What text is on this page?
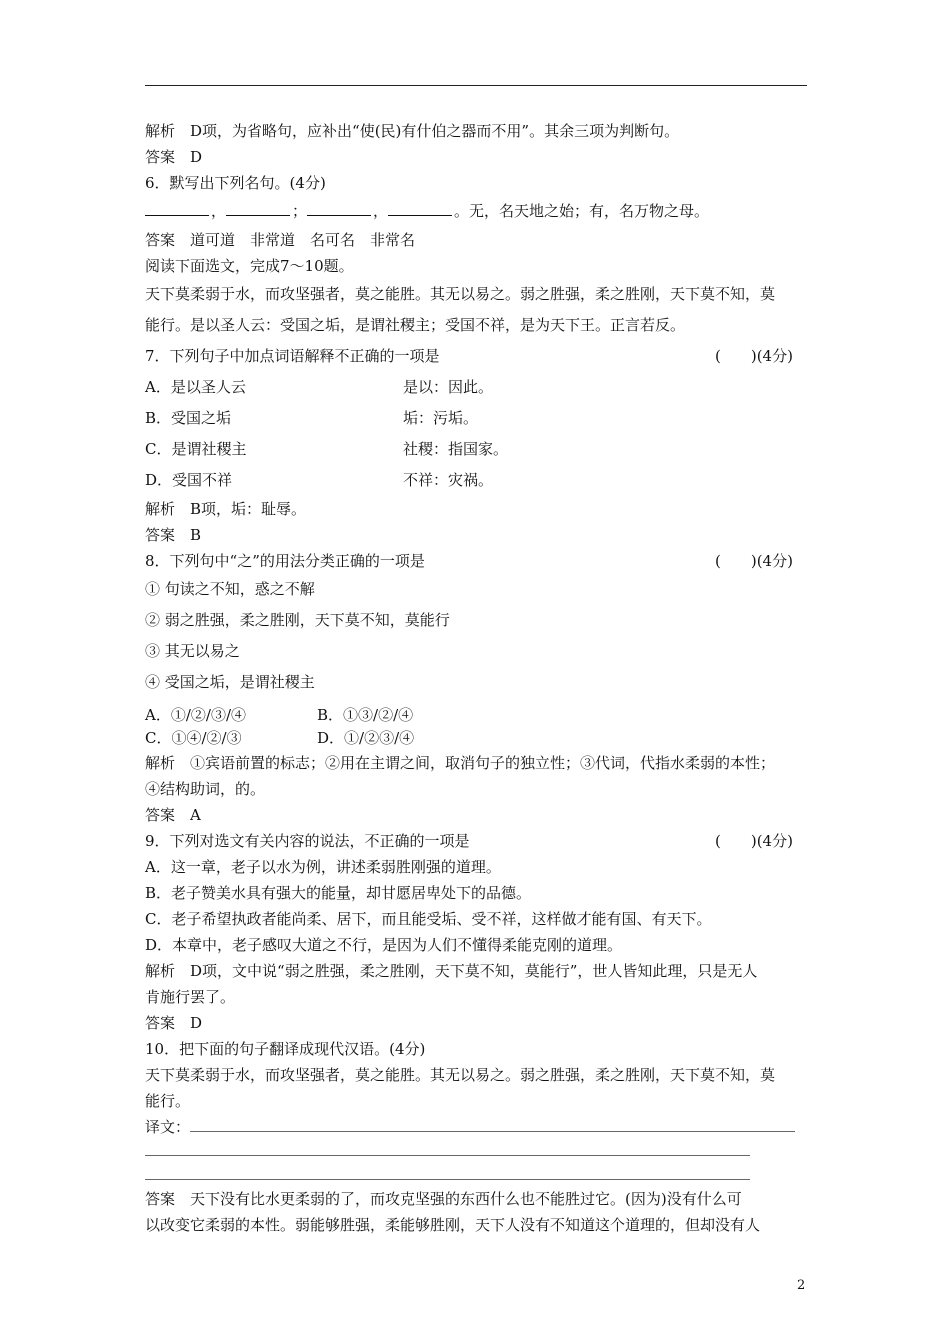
解析　D项，为省略句，应补出“使(民)有什伯之器而不用”。其余三项为判断句。
答案　D
6．默写出下列名句。(4分)
，	；	，	。无，名天地之始；有，名万物之母。
答案　道可道　非常道　名可名　非常名
阅读下面选文，完成7～10题。
天下莫柔弱于水，而攻坚强者，莫之能胜。其无以易之。弱之胜强，柔之胜刚，天下莫不知，莫
能行。是以圣人云：受国之垢，是谓社稷主；受国不祥，是为天下王。正言若反。
7．下列句子中加点词语解释不正确的一项是	(　　)(4分)
A．是以圣人云	是以：因此。
B．受国之垢	垢：污垢。
C．是谓社稷主	社稷：指国家。
D．受国不祥	不祥：灾祸。
解析　B项，垢：耻辱。
答案　B
8．下列句中“之”的用法分类正确的一项是	(　　)(4分)
① 句读之不知，惑之不解
② 弱之胜强，柔之胜刚，天下莫不知，莫能行
③ 其无以易之
④ 受国之垢，是谓社稷主
A．①/②/③/④	B．①③/②/④
C．①④/②/③	D．①/②③/④
解析　①宾语前置的标志；②用在主谓之间，取消句子的独立性；③代词，代指水柔弱的本性；
④结构助词，的。
答案　A
9．下列对选文有关内容的说法，不正确的一项是	(　　)(4分)
A．这一章，老子以水为例，讲述柔弱胜刚强的道理。
B．老子赞美水具有强大的能量，却甘愿居卑处下的品德。
C．老子希望执政者能尚柔、居下，而且能受垢、受不祥，这样做才能有国、有天下。
D．本章中，老子感叹大道之不行，是因为人们不懂得柔能克刚的道理。
解析　D项，文中说“弱之胜强，柔之胜刚，天下莫不知，莫能行”，世人皆知此理，只是无人
肯施行罢了。
答案　D
10．把下面的句子翻译成现代汉语。(4分)
天下莫柔弱于水，而攻坚强者，莫之能胜。其无以易之。弱之胜强，柔之胜刚，天下莫不知，莫
能行。
译文：
答案　天下没有比水更柔弱的了，而攻克坚强的东西什么也不能胜过它。(因为)没有什么可
以改变它柔弱的本性。弱能够胜强，柔能够胜刚，天下人没有不知道这个道理的，但却没有人
2
